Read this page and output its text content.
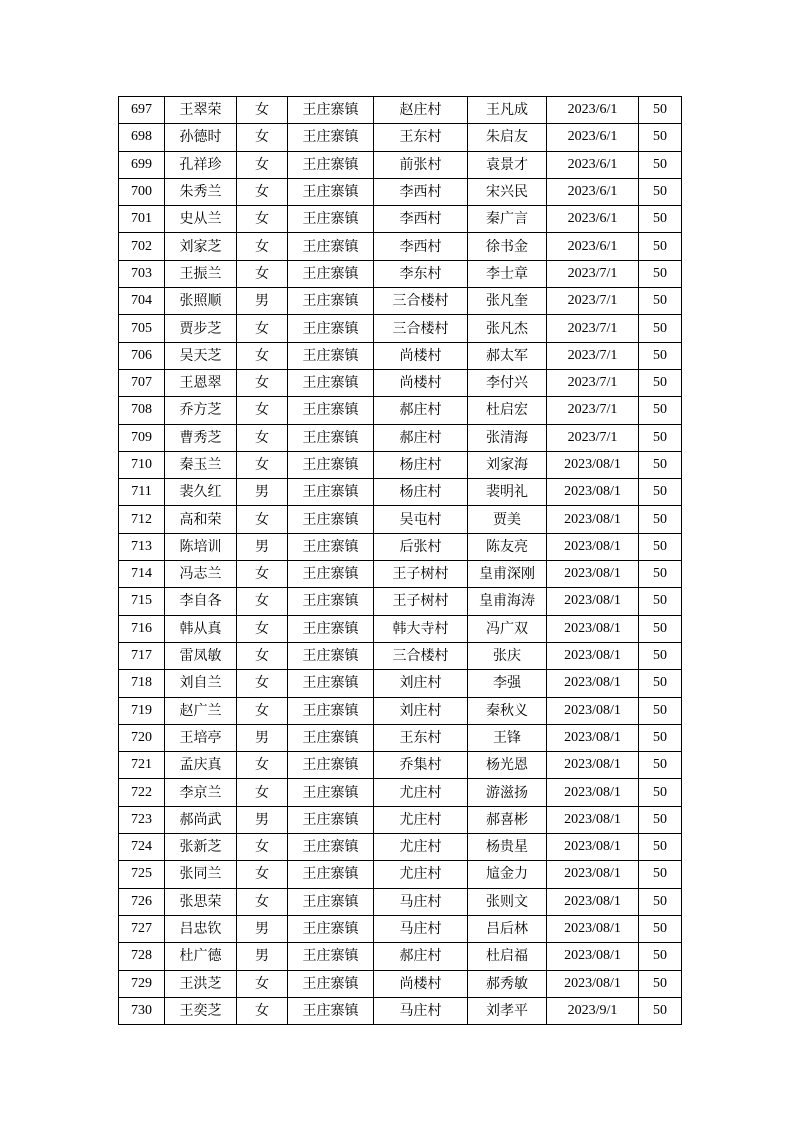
697	王翠荣	女	王庄寨镇	赵庄村	王凡成	2023/6/1	50
698	孙德时	女	王庄寨镇	王东村	朱启友	2023/6/1	50
699	孔祥珍	女	王庄寨镇	前张村	袁景才	2023/6/1	50
700	朱秀兰	女	王庄寨镇	李西村	宋兴民	2023/6/1	50
701	史从兰	女	王庄寨镇	李西村	秦广言	2023/6/1	50
702	刘家芝	女	王庄寨镇	李西村	徐书金	2023/6/1	50
703	王振兰	女	王庄寨镇	李东村	李士章	2023/7/1	50
704	张照顺	男	王庄寨镇	三合楼村	张凡奎	2023/7/1	50
705	贾步芝	女	王庄寨镇	三合楼村	张凡杰	2023/7/1	50
706	吴天芝	女	王庄寨镇	尚楼村	郝太军	2023/7/1	50
707	王恩翠	女	王庄寨镇	尚楼村	李付兴	2023/7/1	50
708	乔方芝	女	王庄寨镇	郝庄村	杜启宏	2023/7/1	50
709	曹秀芝	女	王庄寨镇	郝庄村	张清海	2023/7/1	50
710	秦玉兰	女	王庄寨镇	杨庄村	刘家海	2023/08/1	50
711	裴久红	男	王庄寨镇	杨庄村	裴明礼	2023/08/1	50
712	高和荣	女	王庄寨镇	吴屯村	贾美	2023/08/1	50
713	陈培训	男	王庄寨镇	后张村	陈友亮	2023/08/1	50
714	冯志兰	女	王庄寨镇	王子树村	皇甫深刚	2023/08/1	50
715	李自各	女	王庄寨镇	王子树村	皇甫海涛	2023/08/1	50
716	韩从真	女	王庄寨镇	韩大寺村	冯广双	2023/08/1	50
717	雷凤敏	女	王庄寨镇	三合楼村	张庆	2023/08/1	50
718	刘自兰	女	王庄寨镇	刘庄村	李强	2023/08/1	50
719	赵广兰	女	王庄寨镇	刘庄村	秦秋义	2023/08/1	50
720	王培亭	男	王庄寨镇	王东村	王锋	2023/08/1	50
721	孟庆真	女	王庄寨镇	乔集村	杨光恩	2023/08/1	50
722	李京兰	女	王庄寨镇	尤庄村	游滋扬	2023/08/1	50
723	郝尚武	男	王庄寨镇	尤庄村	郝喜彬	2023/08/1	50
724	张新芝	女	王庄寨镇	尤庄村	杨贵星	2023/08/1	50
725	张同兰	女	王庄寨镇	尤庄村	訄金力	2023/08/1	50
726	张思荣	女	王庄寨镇	马庄村	张则文	2023/08/1	50
727	吕忠钦	男	王庄寨镇	马庄村	吕后林	2023/08/1	50
728	杜广德	男	王庄寨镇	郝庄村	杜启福	2023/08/1	50
729	王洪芝	女	王庄寨镇	尚楼村	郝秀敏	2023/08/1	50
730	王奕芝	女	王庄寨镇	马庄村	刘孝平	2023/9/1	50
